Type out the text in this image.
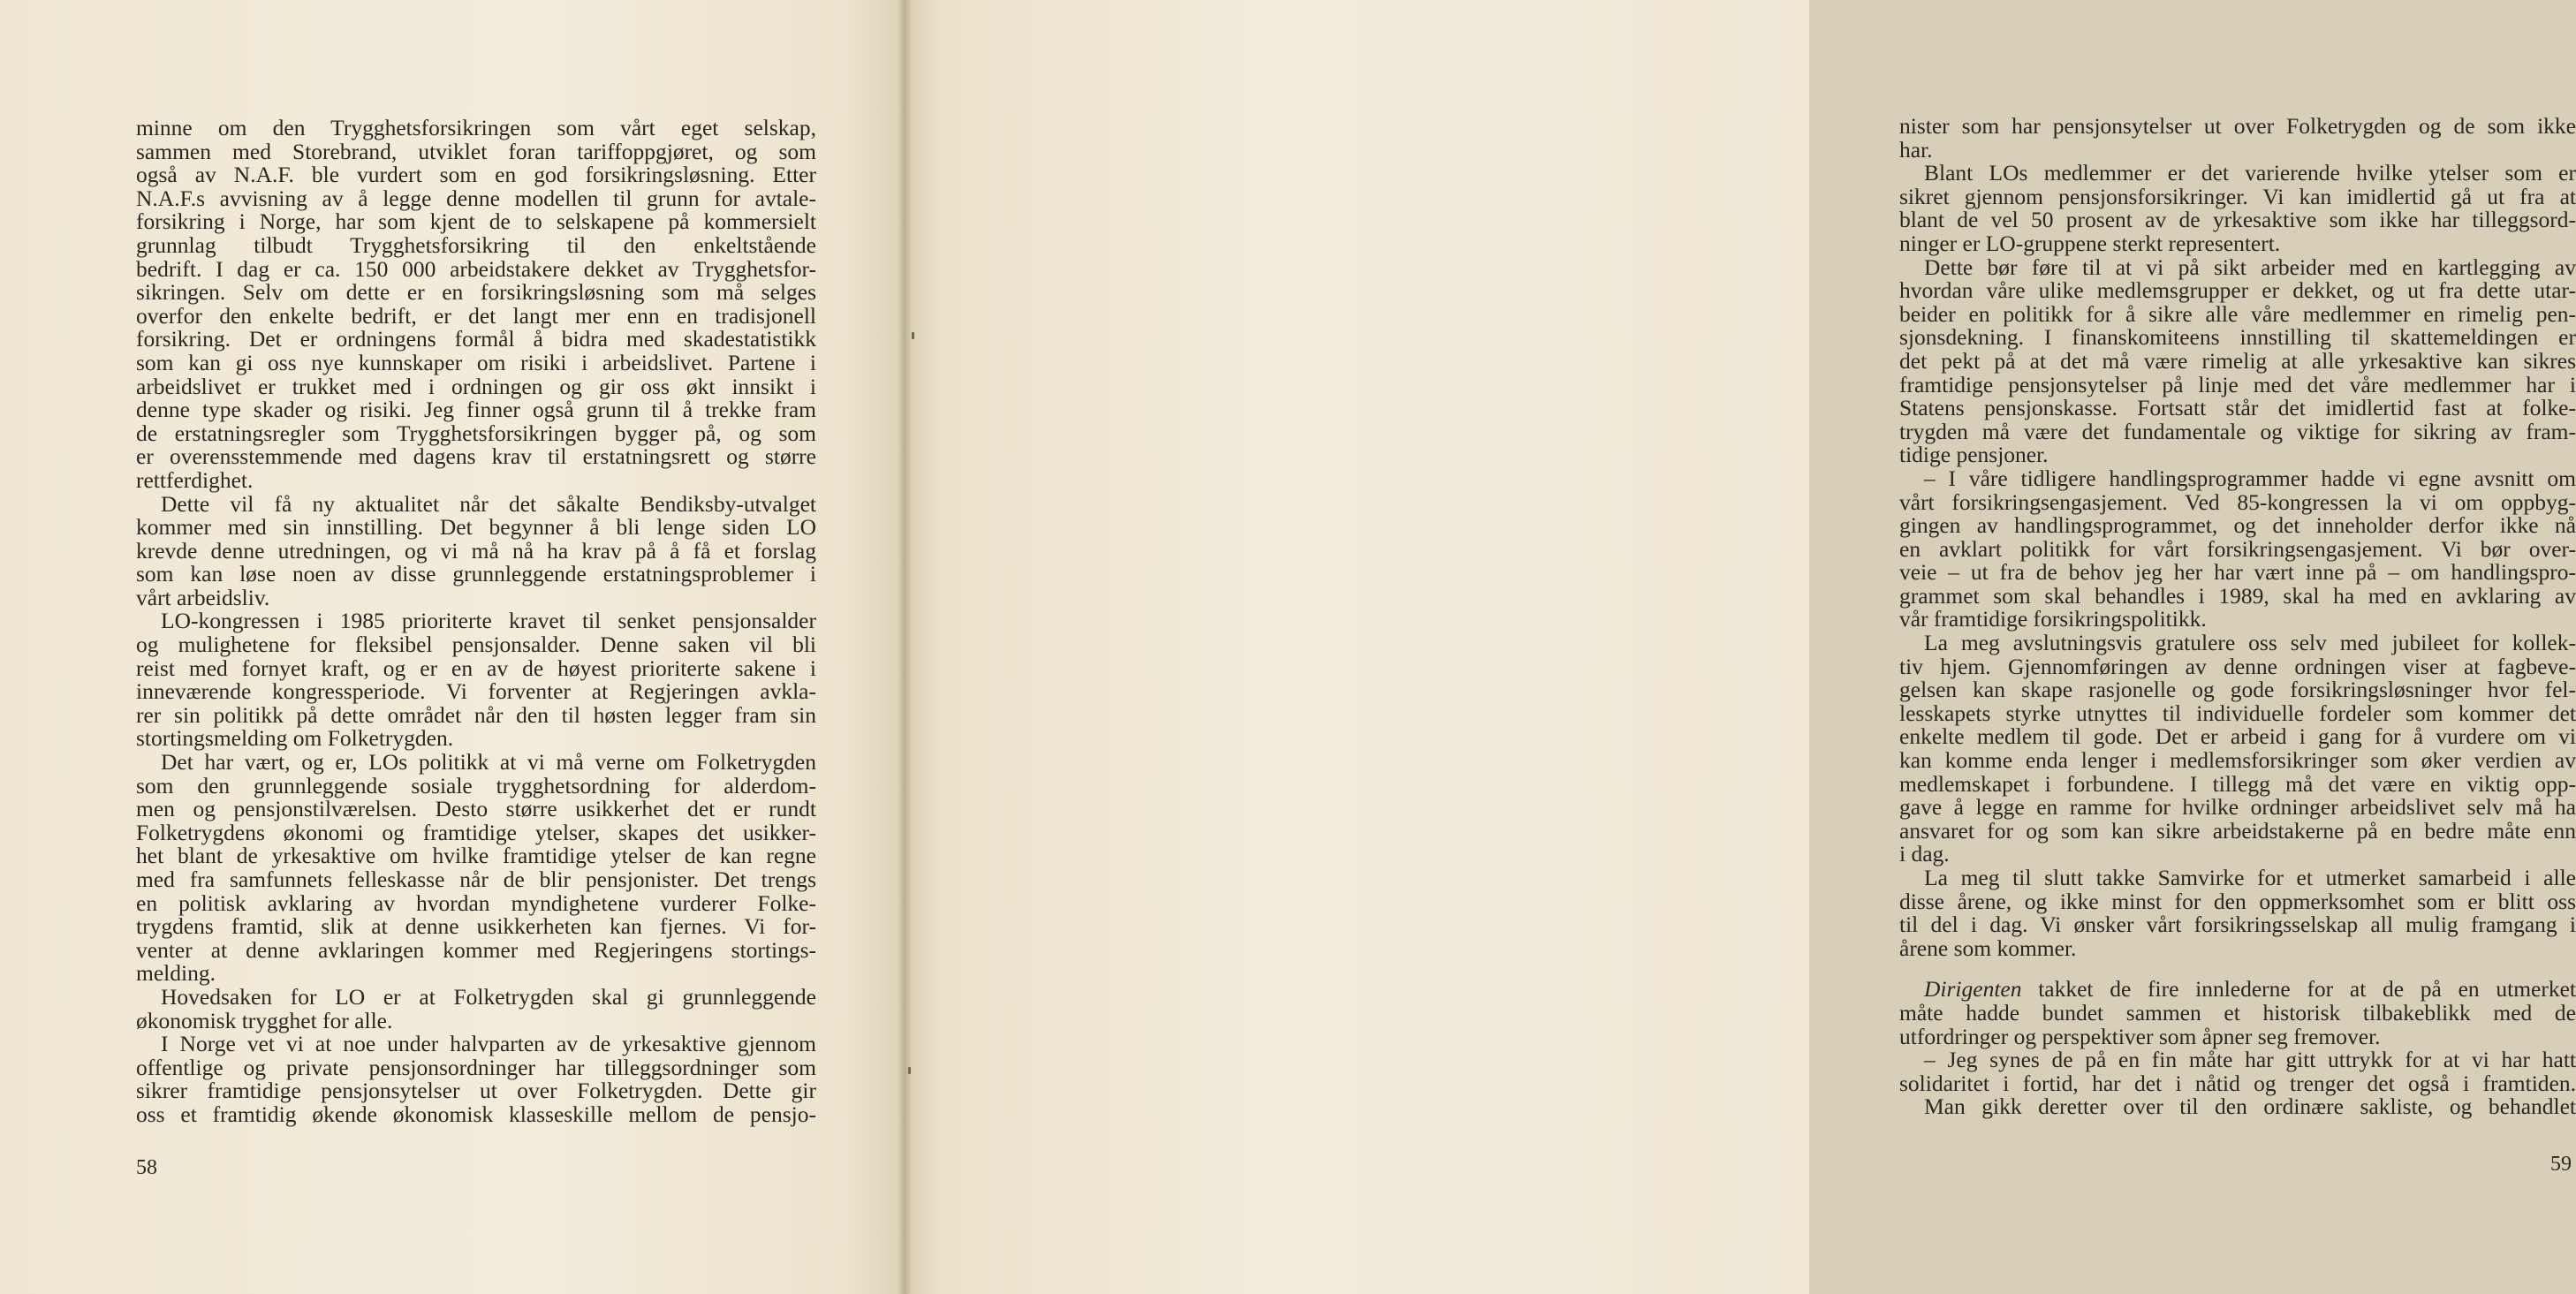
minne om den Trygghetsforsikringen som vårt eget selskap,
sammen med Storebrand, utviklet foran tariffoppgjøret, og som
også av N.A.F. ble vurdert som en god forsikringsløsning. Etter
N.A.F.s avvisning av å legge denne modellen til grunn for avtale-
forsikring i Norge, har som kjent de to selskapene på kommersielt
grunnlag tilbudt Trygghetsforsikring til den enkeltstående
bedrift. I dag er ca. 150 000 arbeidstakere dekket av Trygghetsfor-
sikringen. Selv om dette er en forsikringsløsning som må selges
overfor den enkelte bedrift, er det langt mer enn en tradisjonell
forsikring. Det er ordningens formål å bidra med skadestatistikk
som kan gi oss nye kunnskaper om risiki i arbeidslivet. Partene i
arbeidslivet er trukket med i ordningen og gir oss økt innsikt i
denne type skader og risiki. Jeg finner også grunn til å trekke fram
de erstatningsregler som Trygghetsforsikringen bygger på, og som
er overensstemmende med dagens krav til erstatningsrett og større
rettferdighet.
Dette vil få ny aktualitet når det såkalte Bendiksby-utvalget
kommer med sin innstilling. Det begynner å bli lenge siden LO
krevde denne utredningen, og vi må nå ha krav på å få et forslag
som kan løse noen av disse grunnleggende erstatningsproblemer i
vårt arbeidsliv.
LO-kongressen i 1985 prioriterte kravet til senket pensjonsalder
og mulighetene for fleksibel pensjonsalder. Denne saken vil bli
reist med fornyet kraft, og er en av de høyest prioriterte sakene i
inneværende kongressperiode. Vi forventer at Regjeringen avkla-
rer sin politikk på dette området når den til høsten legger fram sin
stortingsmelding om Folketrygden.
Det har vært, og er, LOs politikk at vi må verne om Folketrygden
som den grunnleggende sosiale trygghetsordning for alderdom-
men og pensjonstilværelsen. Desto større usikkerhet det er rundt
Folketrygdens økonomi og framtidige ytelser, skapes det usikker-
het blant de yrkesaktive om hvilke framtidige ytelser de kan regne
med fra samfunnets felleskasse når de blir pensjonister. Det trengs
en politisk avklaring av hvordan myndighetene vurderer Folke-
trygdens framtid, slik at denne usikkerheten kan fjernes. Vi for-
venter at denne avklaringen kommer med Regjeringens stortings-
melding.
Hovedsaken for LO er at Folketrygden skal gi grunnleggende
økonomisk trygghet for alle.
I Norge vet vi at noe under halvparten av de yrkesaktive gjennom
offentlige og private pensjonsordninger har tilleggsordninger som
sikrer framtidige pensjonsytelser ut over Folketrygden. Dette gir
oss et framtidig økende økonomisk klasseskille mellom de pensjo-
58
nister som har pensjonsytelser ut over Folketrygden og de som ikke
har.
Blant LOs medlemmer er det varierende hvilke ytelser som er
sikret gjennom pensjonsforsikringer. Vi kan imidlertid gå ut fra at
blant de vel 50 prosent av de yrkesaktive som ikke har tilleggsord-
ninger er LO-gruppene sterkt representert.
Dette bør føre til at vi på sikt arbeider med en kartlegging av
hvordan våre ulike medlemsgrupper er dekket, og ut fra dette utar-
beider en politikk for å sikre alle våre medlemmer en rimelig pen-
sjonsdekning. I finanskomiteens innstilling til skattemeldingen er
det pekt på at det må være rimelig at alle yrkesaktive kan sikres
framtidige pensjonsytelser på linje med det våre medlemmer har i
Statens pensjonskasse. Fortsatt står det imidlertid fast at folke-
trygden må være det fundamentale og viktige for sikring av fram-
tidige pensjoner.
– I våre tidligere handlingsprogrammer hadde vi egne avsnitt om
vårt forsikringsengasjement. Ved 85-kongressen la vi om oppbyg-
gingen av handlingsprogrammet, og det inneholder derfor ikke nå
en avklart politikk for vårt forsikringsengasjement. Vi bør over-
veie – ut fra de behov jeg her har vært inne på – om handlingspro-
grammet som skal behandles i 1989, skal ha med en avklaring av
vår framtidige forsikringspolitikk.
La meg avslutningsvis gratulere oss selv med jubileet for kollek-
tiv hjem. Gjennomføringen av denne ordningen viser at fagbeve-
gelsen kan skape rasjonelle og gode forsikringsløsninger hvor fel-
lesskapets styrke utnyttes til individuelle fordeler som kommer det
enkelte medlem til gode. Det er arbeid i gang for å vurdere om vi
kan komme enda lenger i medlemsforsikringer som øker verdien av
medlemskapet i forbundene. I tillegg må det være en viktig opp-
gave å legge en ramme for hvilke ordninger arbeidslivet selv må ha
ansvaret for og som kan sikre arbeidstakerne på en bedre måte enn
i dag.
La meg til slutt takke Samvirke for et utmerket samarbeid i alle
disse årene, og ikke minst for den oppmerksomhet som er blitt oss
til del i dag. Vi ønsker vårt forsikringsselskap all mulig framgang i
årene som kommer.
Dirigenten takket de fire innlederne for at de på en utmerket
måte hadde bundet sammen et historisk tilbakeblikk med de
utfordringer og perspektiver som åpner seg fremover.
– Jeg synes de på en fin måte har gitt uttrykk for at vi har hatt
solidaritet i fortid, har det i nåtid og trenger det også i framtiden.
Man gikk deretter over til den ordinære sakliste, og behandlet
59
